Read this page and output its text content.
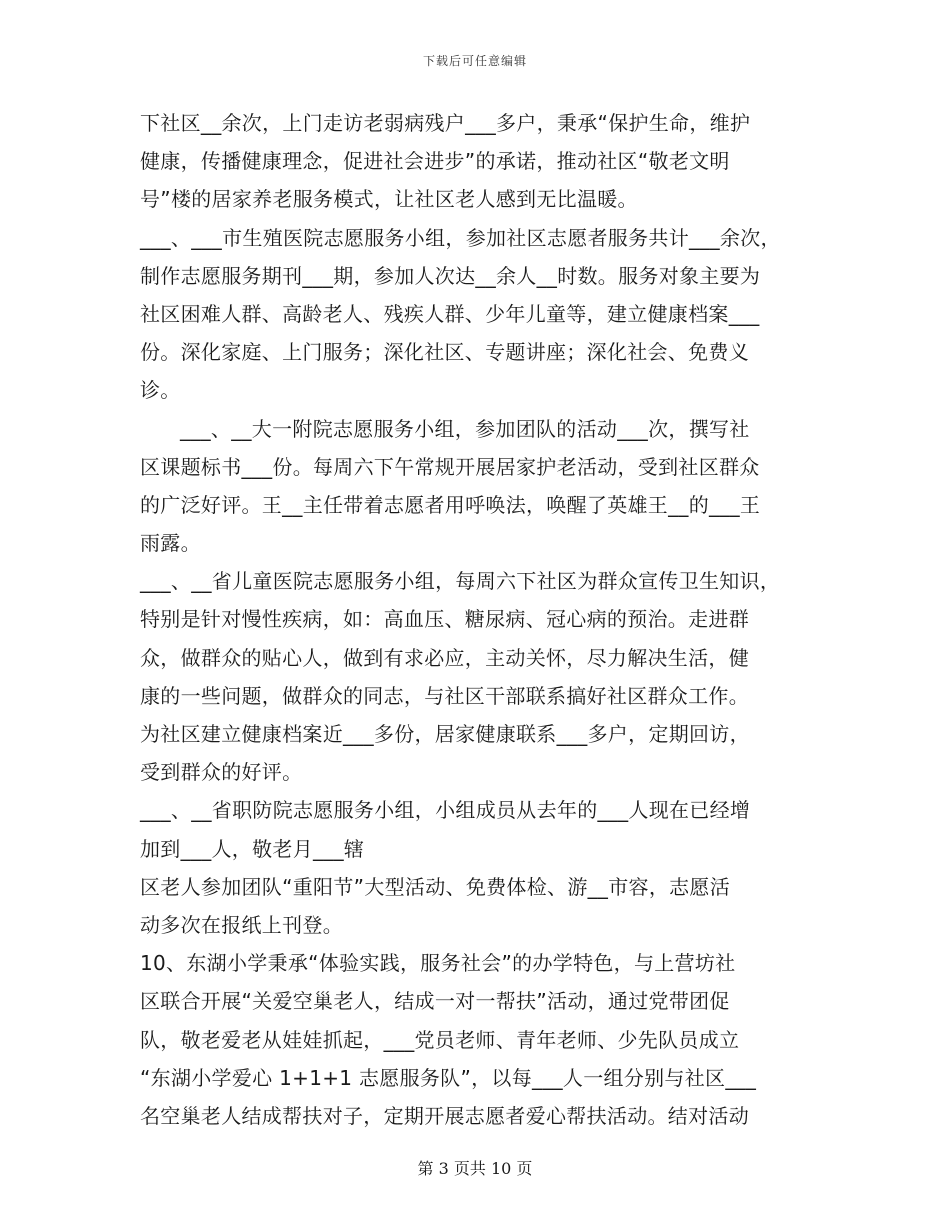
下载后可任意编辑
下社区__余次，上门走访老弱病残户___多户，秉承“保护生命，维护
健康，传播健康理念，促进社会进步”的承诺，推动社区“敬老文明
号”楼的居家养老服务模式，让社区老人感到无比温暖。
___、___市生殖医院志愿服务小组，参加社区志愿者服务共计___余次，
制作志愿服务期刊___期，参加人次达__余人__时数。服务对象主要为
社区困难人群、高龄老人、残疾人群、少年儿童等，建立健康档案___
份。深化家庭、上门服务；深化社区、专题讲座；深化社会、免费义
诊。
___、__大一附院志愿服务小组，参加团队的活动___次，撰写社
区课题标书___份。每周六下午常规开展居家护老活动，受到社区群众
的广泛好评。王__主任带着志愿者用呼唤法，唤醒了英雄王__的___王
雨露。
___、__省儿童医院志愿服务小组，每周六下社区为群众宣传卫生知识，
特别是针对慢性疾病，如：高血压、糖尿病、冠心病的预治。走进群
众，做群众的贴心人，做到有求必应，主动关怀，尽力解决生活，健
康的一些问题，做群众的同志，与社区干部联系搞好社区群众工作。
为社区建立健康档案近___多份，居家健康联系___多户，定期回访，
受到群众的好评。
___、__省职防院志愿服务小组，小组成员从去年的___人现在已经增
加到___人，敬老月___辖
区老人参加团队“重阳节”大型活动、免费体检、游__市容，志愿活
动多次在报纸上刊登。
10、东湖小学秉承“体验实践，服务社会”的办学特色，与上营坊社
区联合开展“关爱空巢老人，结成一对一帮扶”活动，通过党带团促
队，敬老爱老从娃娃抓起，___党员老师、青年老师、少先队员成立
“东湖小学爱心 1+1+1 志愿服务队”，以每___人一组分别与社区___
名空巢老人结成帮扶对子，定期开展志愿者爱心帮扶活动。结对活动
第 3 页共 10 页
